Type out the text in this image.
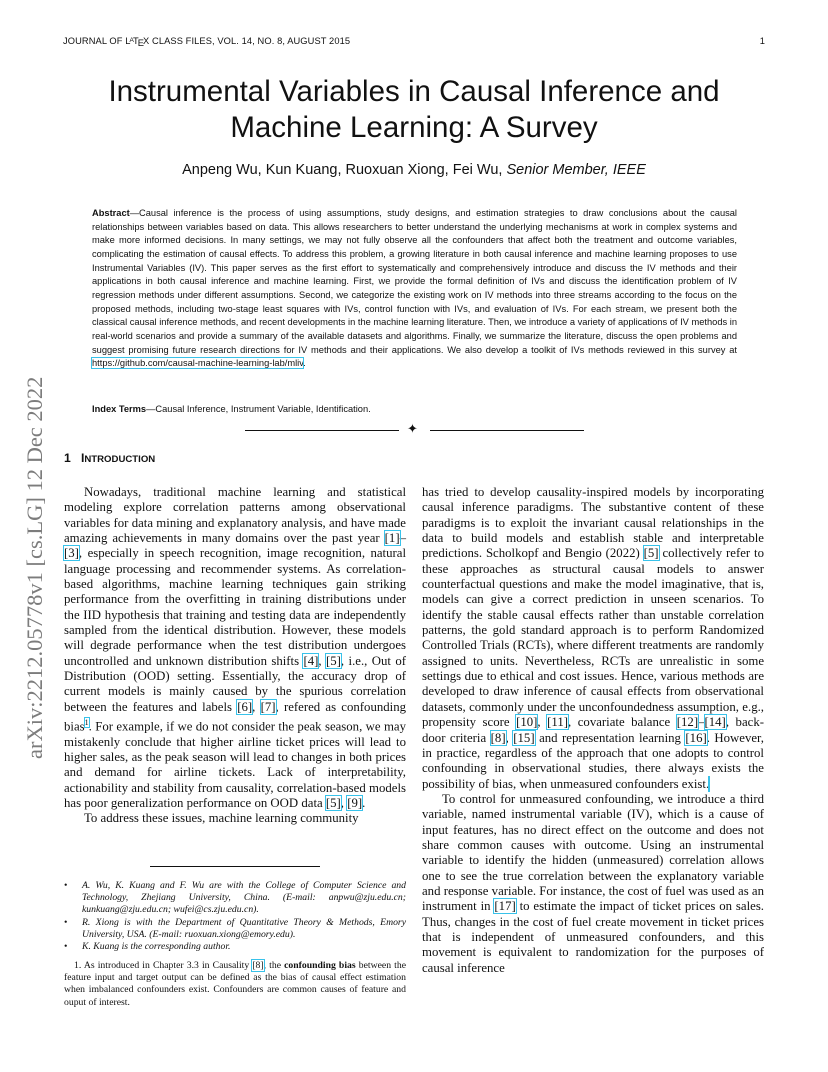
JOURNAL OF $L^ATEX$ CLASS FILES, VOL. 14, NO. 8, AUGUST 2015	1
arXiv:2212.05778v1 [cs.LG] 12 Dec 2022
Instrumental Variables in Causal Inference and
Machine Learning: A Survey
Anpeng Wu, Kun Kuang, Ruoxuan Xiong, Fei Wu, Senior Member, IEEE
Abstract—Causal inference is the process of using assumptions, study designs, and estimation strategies to draw conclusions about the causal relationships between variables based on data. This allows researchers to better understand the underlying mechanisms at work in complex systems and make more informed decisions. In many settings, we may not fully observe all the confounders that affect both the treatment and outcome variables, complicating the estimation of causal effects. To address this problem, a growing literature in both causal inference and machine learning proposes to use Instrumental Variables (IV). This paper serves as the first effort to systematically and comprehensively introduce and discuss the IV methods and their applications in both causal inference and machine learning. First, we provide the formal definition of IVs and discuss the identification problem of IV regression methods under different assumptions. Second, we categorize the existing work on IV methods into three streams according to the focus on the proposed methods, including two-stage least squares with IVs, control function with IVs, and evaluation of IVs. For each stream, we present both the classical causal inference methods, and recent developments in the machine learning literature. Then, we introduce a variety of applications of IV methods in real-world scenarios and provide a summary of the available datasets and algorithms. Finally, we summarize the literature, discuss the open problems and suggest promising future research directions for IV methods and their applications. We also develop a toolkit of IVs methods reviewed in this survey at https://github.com/causal-machine-learning-lab/mliv.
Index Terms—Causal Inference, Instrument Variable, Identification.
✦
1 INTRODUCTION

Nowadays, traditional machine learning and statistical modeling explore correlation patterns among observational variables for data mining and explanatory analysis, and have made amazing achievements in many domains over the past year [1]–[3], especially in speech recognition, image recognition, natural language processing and recommender systems. As correlation-based algorithms, machine learning techniques gain striking performance from the overfitting in training distributions under the IID hypothesis that training and testing data are independently sampled from the identical distribution. However, these models will degrade performance when the test distribution undergoes uncontrolled and unknown distribution shifts [4], [5], i.e., Out of Distribution (OOD) setting. Essentially, the accuracy drop of current models is mainly caused by the spurious correlation between the features and labels [6], [7], refered as confounding bias$^1$. For example, if we do not consider the peak season, we may mistakenly conclude that higher airline ticket prices will lead to higher sales, as the peak season will lead to changes in both prices and demand for airline tickets. Lack of interpretability, actionability and stability from causality, correlation-based models has poor generalization performance on OOD data [5], [9].

To address these issues, machine learning community

• A. Wu, K. Kuang and F. Wu are with the College of Computer Science and Technology, Zhejiang University, China. (E-mail: anpwu@zju.edu.cn; kunkuang@zju.edu.cn; wufei@cs.zju.edu.cn).
• R. Xiong is with the Department of Quantitative Theory & Methods, Emory University, USA. (E-mail: ruoxuan.xiong@emory.edu).
• K. Kuang is the corresponding author.

1. As introduced in Chapter 3.3 in Causality [8], the confounding bias between the feature input and target output can be defined as the bias of causal effect estimation when imbalanced confounders exist. Confounders are common causes of feature and ouput of interest.

has tried to develop causality-inspired models by incorporating causal inference paradigms. The substantive content of these paradigms is to exploit the invariant causal relationships in the data to build models and establish stable and interpretable predictions. Scholkopf and Bengio (2022) [5] collectively refer to these approaches as structural causal models to answer counterfactual questions and make the model imaginative, that is, models can give a correct prediction in unseen scenarios. To identify the stable causal effects rather than unstable correlation patterns, the gold standard approach is to perform Randomized Controlled Trials (RCTs), where different treatments are randomly assigned to units. Nevertheless, RCTs are unrealistic in some settings due to ethical and cost issues. Hence, various methods are developed to draw inference of causal effects from observational datasets, commonly under the unconfoundedness assumption, e.g., propensity score [10], [11], covariate balance [12]–[14], back-door criteria [8], [15] and representation learning [16]. However, in practice, regardless of the approach that one adopts to control confounding in observational studies, there always exists the possibility of bias, when unmeasured confounders exist.

To control for unmeasured confounding, we introduce a third variable, named instrumental variable (IV), which is a cause of input features, has no direct effect on the outcome and does not share common causes with outcome. Using an instrumental variable to identify the hidden (unmeasured) correlation allows one to see the true correlation between the explanatory variable and response variable. For instance, the cost of fuel was used as an instrument in [17] to estimate the impact of ticket prices on sales. Thus, changes in the cost of fuel create movement in ticket prices that is independent of unmeasured confounders, and this movement is equivalent to randomization for the purposes of causal inference
